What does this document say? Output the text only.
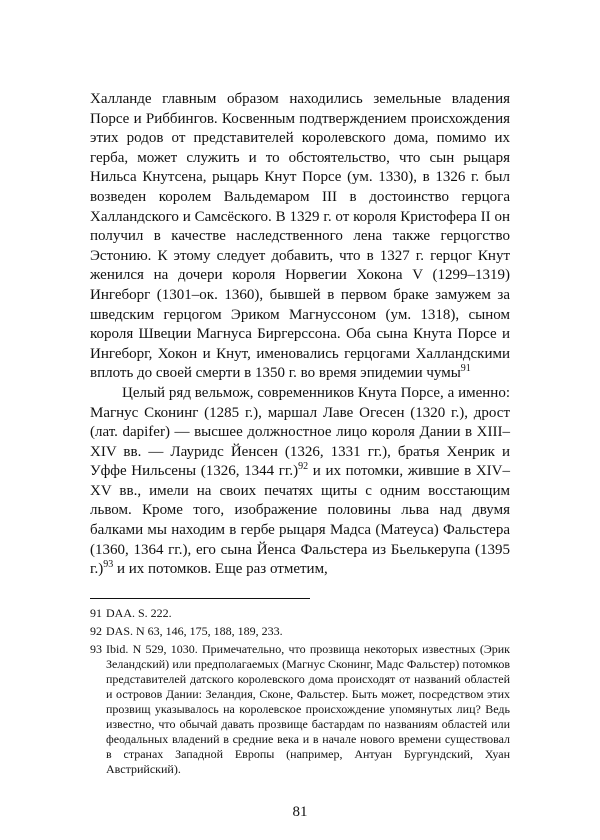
Халланде главным образом находились земельные владения Порсе и Риббингов. Косвенным подтверждением происхождения этих родов от представителей королевского дома, помимо их герба, может служить и то обстоятельство, что сын рыцаря Нильса Кнутсена, рыцарь Кнут Порсе (ум. 1330), в 1326 г. был возведен королем Вальдемаром III в достоинство герцога Халландского и Самсёского. В 1329 г. от короля Кристофера II он получил в качестве наследственного лена также герцогство Эстонию. К этому следует добавить, что в 1327 г. герцог Кнут женился на дочери короля Норвегии Хокона V (1299–1319) Ингеборг (1301–ок. 1360), бывшей в первом браке замужем за шведским герцогом Эриком Магнуссоном (ум. 1318), сыном короля Швеции Магнуса Биргерссона. Оба сына Кнута Порсе и Ингеборг, Хокон и Кнут, именовались герцогами Халландскими вплоть до своей смерти в 1350 г. во время эпидемии чумы$^{91}$

Целый ряд вельмож, современников Кнута Порсе, а именно: Магнус Сконинг (1285 г.), маршал Лаве Огесен (1320 г.), дрост (лат. dapifer) — высшее должностное лицо короля Дании в XIII–XIV вв. — Лауридс Йенсен (1326, 1331 гг.), братья Хенрик и Уффе Нильсены (1326, 1344 гг.)$^{92}$ и их потомки, жившие в XIV–XV вв., имели на своих печатях щиты с одним восстающим львом. Кроме того, изображение половины льва над двумя балками мы находим в гербе рыцаря Мадса (Матеуса) Фальстера (1360, 1364 гг.), его сына Йенса Фальстера из Бьелькерупа (1395 г.)$^{93}$ и их потомков. Еще раз отметим,

91 DAA. S. 222.
92 DAS. N 63, 146, 175, 188, 189, 233.
93 Ibid. N 529, 1030. Примечательно, что прозвища некоторых известных (Эрик Зеландский) или предполагаемых (Магнус Сконинг, Мадс Фальстер) потомков представителей датского королевского дома происходят от названий областей и островов Дании: Зеландия, Сконе, Фальстер. Быть может, посредством этих прозвищ указывалось на королевское происхождение упомянутых лиц? Ведь известно, что обычай давать прозвище бастардам по названиям областей или феодальных владений в средние века и в начале нового времени существовал в странах Западной Европы (например, Антуан Бургундский, Хуан Австрийский).
81
